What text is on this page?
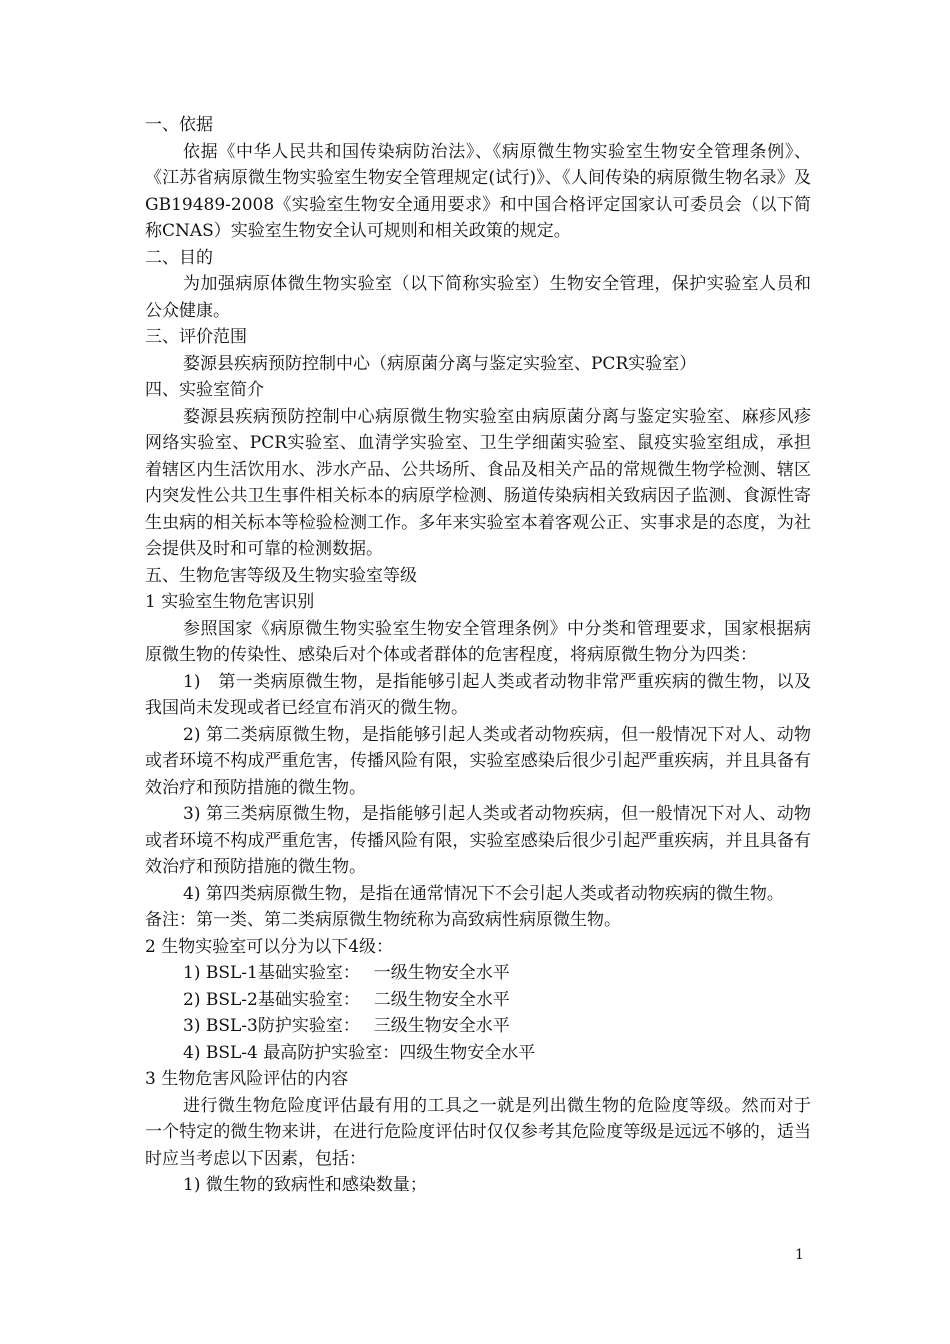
一、依据

依据《中华人民共和国传染病防治法》、《病原微生物实验室生物安全管理条例》、《江苏省病原微生物实验室生物安全管理规定(试行)》、《人间传染的病原微生物名录》及GB19489-2008《实验室生物安全通用要求》和中国合格评定国家认可委员会（以下简称CNAS）实验室生物安全认可规则和相关政策的规定。

二、目的

为加强病原体微生物实验室（以下简称实验室）生物安全管理，保护实验室人员和公众健康。

三、评价范围

婺源县疾病预防控制中心（病原菌分离与鉴定实验室、PCR实验室）

四、实验室简介

婺源县疾病预防控制中心病原微生物实验室由病原菌分离与鉴定实验室、麻疹风疹网络实验室、PCR实验室、血清学实验室、卫生学细菌实验室、鼠疫实验室组成，承担着辖区内生活饮用水、涉水产品、公共场所、食品及相关产品的常规微生物学检测、辖区内突发性公共卫生事件相关标本的病原学检测、肠道传染病相关致病因子监测、食源性寄生虫病的相关标本等检验检测工作。多年来实验室本着客观公正、实事求是的态度，为社会提供及时和可靠的检测数据。

五、生物危害等级及生物实验室等级

1 实验室生物危害识别

参照国家《病原微生物实验室生物安全管理条例》中分类和管理要求，国家根据病原微生物的传染性、感染后对个体或者群体的危害程度，将病原微生物分为四类：

1)　第一类病原微生物，是指能够引起人类或者动物非常严重疾病的微生物，以及我国尚未发现或者已经宣布消灭的微生物。

2) 第二类病原微生物，是指能够引起人类或者动物疾病，但一般情况下对人、动物或者环境不构成严重危害，传播风险有限，实验室感染后很少引起严重疾病，并且具备有效治疗和预防措施的微生物。

3) 第三类病原微生物，是指能够引起人类或者动物疾病，但一般情况下对人、动物或者环境不构成严重危害，传播风险有限，实验室感染后很少引起严重疾病，并且具备有效治疗和预防措施的微生物。

4) 第四类病原微生物，是指在通常情况下不会引起人类或者动物疾病的微生物。

备注：第一类、第二类病原微生物统称为高致病性病原微生物。

2 生物实验室可以分为以下4级：

1) BSL-1基础实验室：　 一级生物安全水平

2) BSL-2基础实验室：　 二级生物安全水平

3) BSL-3防护实验室：　 三级生物安全水平

4) BSL-4 最高防护实验室：四级生物安全水平

3 生物危害风险评估的内容

进行微生物危险度评估最有用的工具之一就是列出微生物的危险度等级。然而对于一个特定的微生物来讲，在进行危险度评估时仅仅参考其危险度等级是远远不够的，适当时应当考虑以下因素，包括：

1) 微生物的致病性和感染数量；

1
